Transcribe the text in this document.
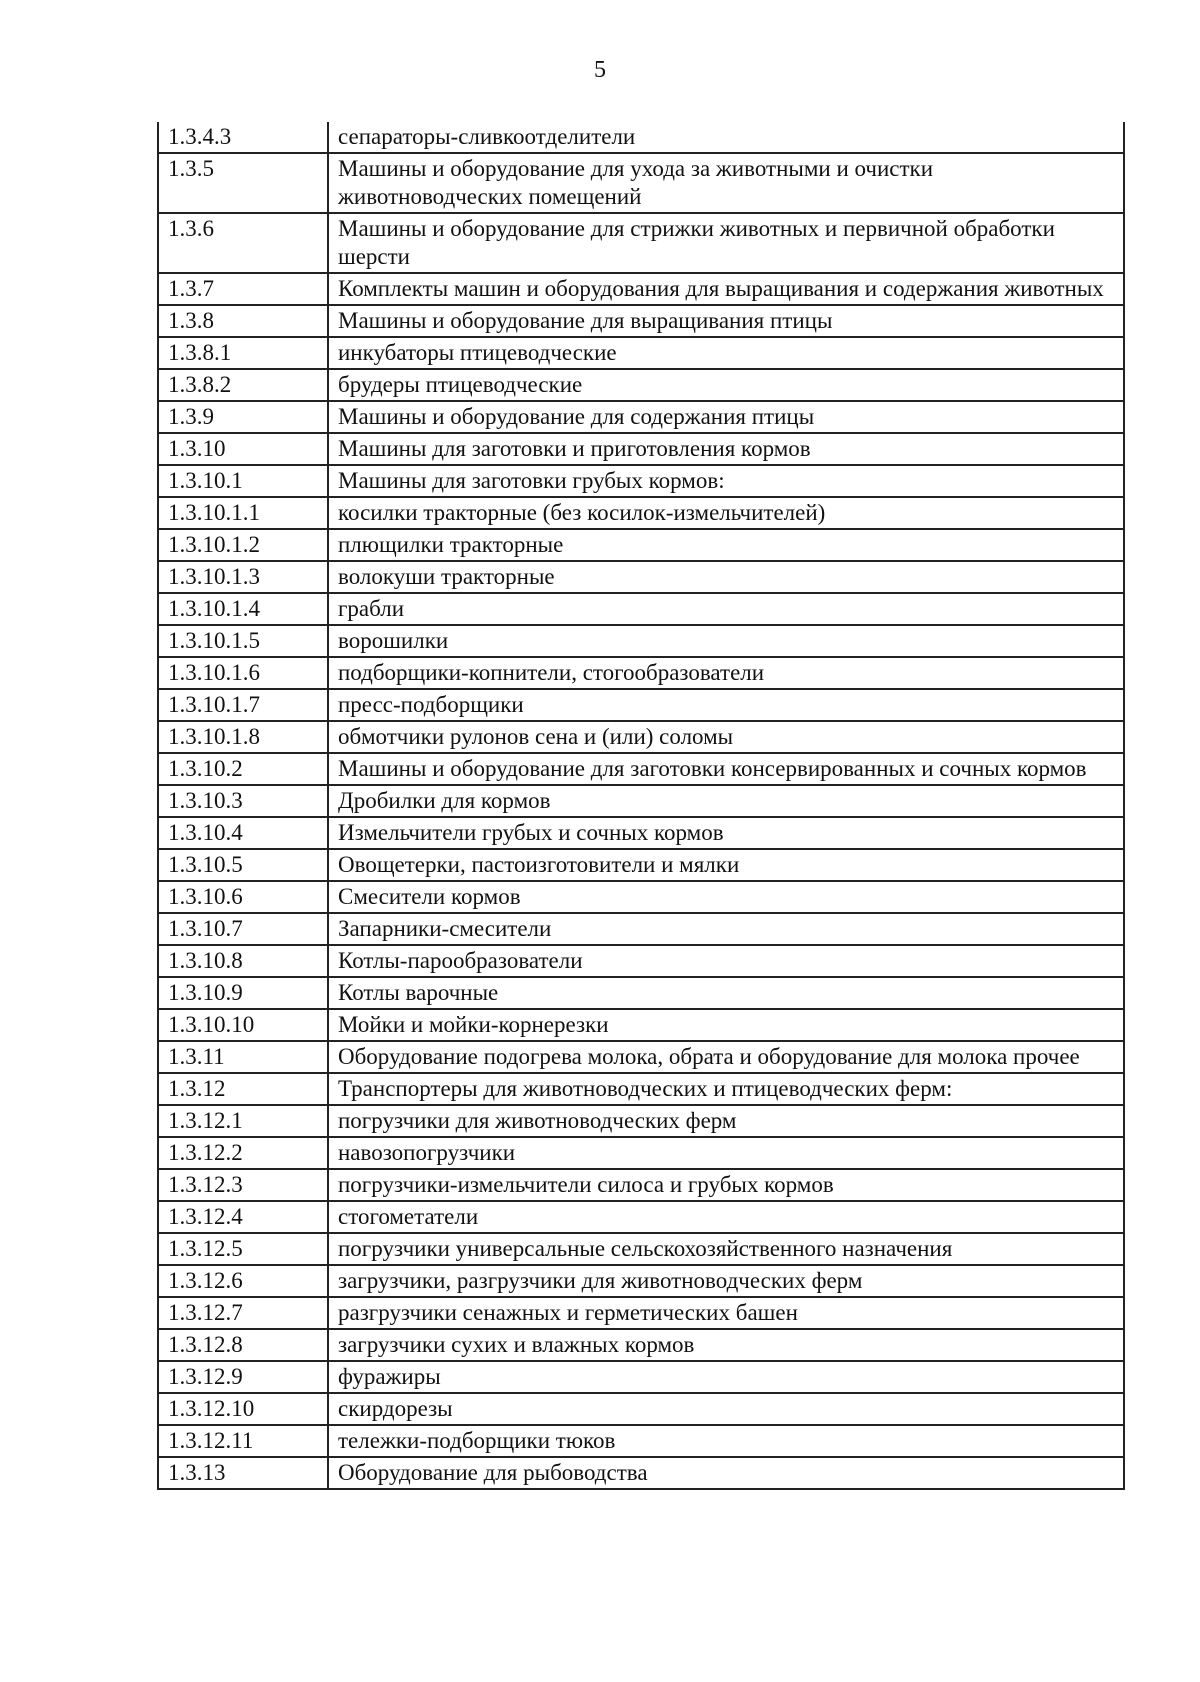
5
1.3.4.3	сепараторы-сливкоотделители
1.3.5	Машины и оборудование для ухода за животными и очистки животноводческих помещений
1.3.6	Машины и оборудование для стрижки животных и первичной обработки шерсти
1.3.7	Комплекты машин и оборудования для выращивания и содержания животных
1.3.8	Машины и оборудование для выращивания птицы
1.3.8.1	инкубаторы птицеводческие
1.3.8.2	брудеры птицеводческие
1.3.9	Машины и оборудование для содержания птицы
1.3.10	Машины для заготовки и приготовления кормов
1.3.10.1	Машины для заготовки грубых кормов:
1.3.10.1.1	косилки тракторные (без косилок-измельчителей)
1.3.10.1.2	плющилки тракторные
1.3.10.1.3	волокуши тракторные
1.3.10.1.4	грабли
1.3.10.1.5	ворошилки
1.3.10.1.6	подборщики-копнители, стогообразователи
1.3.10.1.7	пресс-подборщики
1.3.10.1.8	обмотчики рулонов сена и (или) соломы
1.3.10.2	Машины и оборудование для заготовки консервированных и сочных кормов
1.3.10.3	Дробилки для кормов
1.3.10.4	Измельчители грубых и сочных кормов
1.3.10.5	Овощетерки, пастоизготовители и мялки
1.3.10.6	Смесители кормов
1.3.10.7	Запарники-смесители
1.3.10.8	Котлы-парообразователи
1.3.10.9	Котлы варочные
1.3.10.10	Мойки и мойки-корнерезки
1.3.11	Оборудование подогрева молока, обрата и оборудование для молока прочее
1.3.12	Транспортеры для животноводческих и птицеводческих ферм:
1.3.12.1	погрузчики для животноводческих ферм
1.3.12.2	навозопогрузчики
1.3.12.3	погрузчики-измельчители силоса и грубых кормов
1.3.12.4	стогометатели
1.3.12.5	погрузчики универсальные сельскохозяйственного назначения
1.3.12.6	загрузчики, разгрузчики для животноводческих ферм
1.3.12.7	разгрузчики сенажных и герметических башен
1.3.12.8	загрузчики сухих и влажных кормов
1.3.12.9	фуражиры
1.3.12.10	скирдорезы
1.3.12.11	тележки-подборщики тюков
1.3.13	Оборудование для рыбоводства
